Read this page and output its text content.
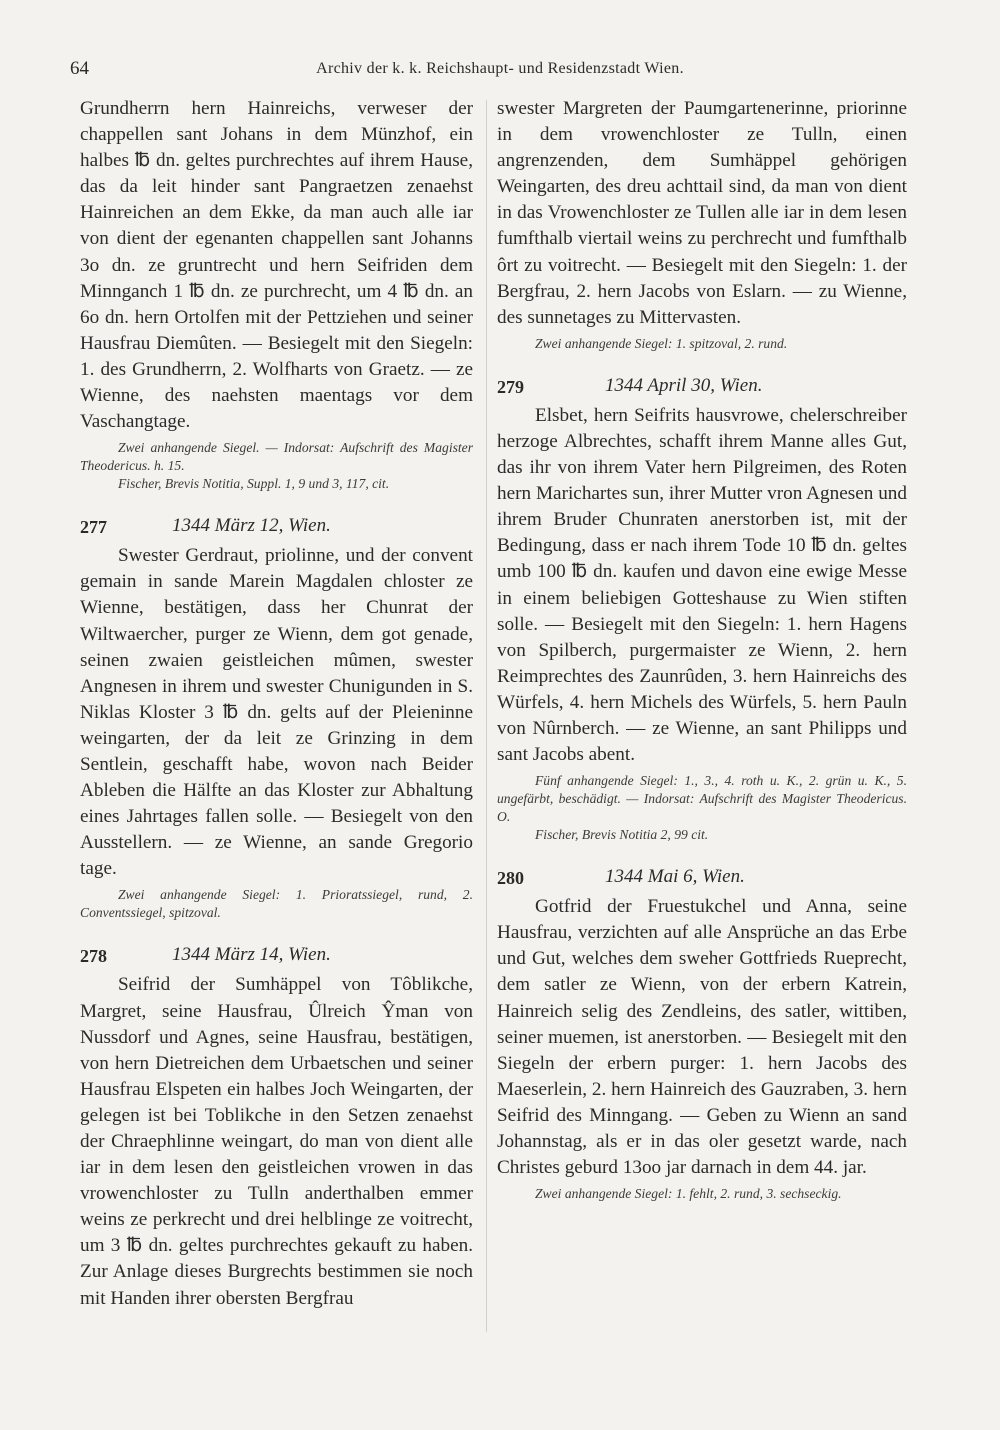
64	Archiv der k. k. Reichshaupt- und Residenzstadt Wien.

Grundherrn hern Hainreichs, verweser der chappellen sant Johans in dem Münzhof, ein halbes ℔ dn. geltes purchrechtes auf ihrem Hause, das da leit hinder sant Pangraetzen zenaehst Hainreichen an dem Ekke, da man auch alle iar von dient der egenanten chappellen sant Johanns 3o dn. ze gruntrecht und hern Seifriden dem Minnganch 1 ℔ dn. ze purchrecht, um 4 ℔ dn. an 6o dn. hern Ortolfen mit der Pettziehen und seiner Hausfrau Diemûten. — Besiegelt mit den Siegeln: 1. des Grundherrn, 2. Wolfharts von Graetz. — ze Wienne, des naehsten maentags vor dem Vaschangtage.

Zwei anhangende Siegel. — Indorsat: Aufschrift des Magister Theodericus. h. 15.

Fischer, Brevis Notitia, Suppl. 1, 9 und 3, 117, cit.

277	1344 März 12, Wien.

Swester Gerdraut, priolinne, und der convent gemain in sande Marein Magdalen chloster ze Wienne, bestätigen, dass her Chunrat der Wiltwaercher, purger ze Wienn, dem got genade, seinen zwaien geistleichen mûmen, swester Angnesen in ihrem und swester Chunigunden in S. Niklas Kloster 3 ℔ dn. gelts auf der Pleieninne weingarten, der da leit ze Grinzing in dem Sentlein, geschafft habe, wovon nach Beider Ableben die Hälfte an das Kloster zur Abhaltung eines Jahrtages fallen solle. — Besiegelt von den Ausstellern. — ze Wienne, an sande Gregorio tage.

Zwei anhangende Siegel: 1. Prioratssiegel, rund, 2. Conventssiegel, spitzoval.

278	1344 März 14, Wien.

Seifrid der Sumhäppel von Tôblikche, Margret, seine Hausfrau, Ûlreich Ŷman von Nussdorf und Agnes, seine Hausfrau, bestätigen, von hern Dietreichen dem Urbaetschen und seiner Hausfrau Elspeten ein halbes Joch Weingarten, der gelegen ist bei Toblikche in den Setzen zenaehst der Chraephlinne weingart, do man von dient alle iar in dem lesen den geistleichen vrowen in das vrowenchloster zu Tulln anderthalben emmer weins ze perkrecht und drei helblinge ze voitrecht, um 3 ℔ dn. geltes purchrechtes gekauft zu haben. Zur Anlage dieses Burgrechts bestimmen sie noch mit Handen ihrer obersten Bergfrau

swester Margreten der Paumgartenerinne, priorinne in dem vrowenchloster ze Tulln, einen angrenzenden, dem Sumhäppel gehörigen Weingarten, des dreu achttail sind, da man von dient in das Vrowenchloster ze Tullen alle iar in dem lesen fumfthalb viertail weins zu perchrecht und fumfthalb ôrt zu voitrecht. — Besiegelt mit den Siegeln: 1. der Bergfrau, 2. hern Jacobs von Eslarn. — zu Wienne, des sunnetages zu Mittervasten.

Zwei anhangende Siegel: 1. spitzoval, 2. rund.

279	1344 April 30, Wien.

Elsbet, hern Seifrits hausvrowe, chelerschreiber herzoge Albrechtes, schafft ihrem Manne alles Gut, das ihr von ihrem Vater hern Pilgreimen, des Roten hern Marichartes sun, ihrer Mutter vron Agnesen und ihrem Bruder Chunraten anerstorben ist, mit der Bedingung, dass er nach ihrem Tode 10 ℔ dn. geltes umb 100 ℔ dn. kaufen und davon eine ewige Messe in einem beliebigen Gotteshause zu Wien stiften solle. — Besiegelt mit den Siegeln: 1. hern Hagens von Spilberch, purgermaister ze Wienn, 2. hern Reimprechtes des Zaunrûden, 3. hern Hainreichs des Würfels, 4. hern Michels des Würfels, 5. hern Pauln von Nûrnberch. — ze Wienne, an sant Philipps und sant Jacobs abent.

Fünf anhangende Siegel: 1., 3., 4. roth u. K., 2. grün u. K., 5. ungefärbt, beschädigt. — Indorsat: Aufschrift des Magister Theodericus. O.

Fischer, Brevis Notitia 2, 99 cit.

280	1344 Mai 6, Wien.

Gotfrid der Fruestukchel und Anna, seine Hausfrau, verzichten auf alle Ansprüche an das Erbe und Gut, welches dem sweher Gottfrieds Rueprecht, dem satler ze Wienn, von der erbern Katrein, Hainreich selig des Zendleins, des satler, wittiben, seiner muemen, ist anerstorben. — Besiegelt mit den Siegeln der erbern purger: 1. hern Jacobs des Maeserlein, 2. hern Hainreich des Gauzraben, 3. hern Seifrid des Minngang. — Geben zu Wienn an sand Johannstag, als er in das oler gesetzt warde, nach Christes geburd 13oo jar darnach in dem 44. jar.

Zwei anhangende Siegel: 1. fehlt, 2. rund, 3. sechseckig.
